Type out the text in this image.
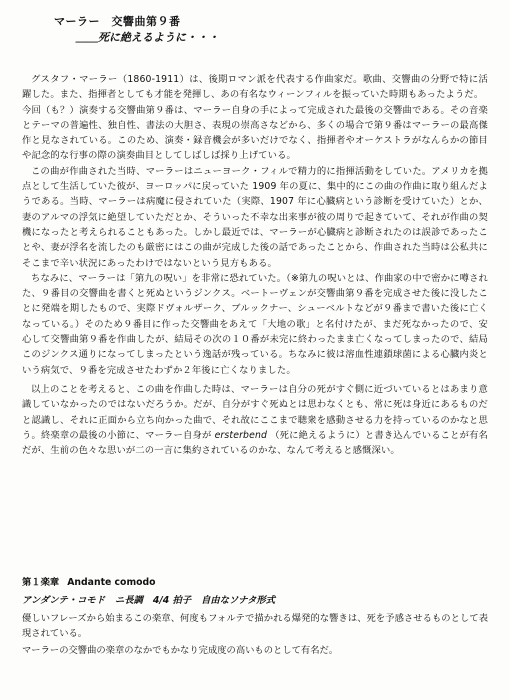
マーラー　交響曲第９番
＿＿死に絶えるように・・・

グスタフ・マーラー（1860-1911）は、後期ロマン派を代表する作曲家だ。歌曲、交響曲の分野で特に活躍した。また、指揮者としても才能を発揮し、あの有名なウィーンフィルを振っていた時期もあったようだ。

今回（も？）演奏する交響曲第９番は、マーラー自身の手によって完成された最後の交響曲である。その音楽とテーマの普遍性、独自性、書法の大胆さ、表現の崇高さなどから、多くの場合で第９番はマーラーの最高傑作と見なされている。このため、演奏・録音機会が多いだけでなく、指揮者やオーケストラがなんらかの節目や記念的な行事の際の演奏曲目としてしばしば採り上げている。

この曲が作曲された当時、マーラーはニューヨーク・フィルで精力的に指揮活動をしていた。アメリカを拠点として生活していた彼が、ヨーロッパに戻っていた 1909 年の夏に、集中的にこの曲の作曲に取り組んだようである。当時、マーラーは病魔に侵されていた（実際、1907 年に心臓病という診断を受けていた）とか、妻のアルマの浮気に絶望していただとか、そういった不幸な出来事が彼の周りで起きていて、それが作曲の契機になったと考えられることもあった。しかし最近では、マーラーが心臓病と診断されたのは誤診であったことや、妻が浮名を流したのも厳密にはこの曲が完成した後の話であったことから、作曲された当時は公私共にそこまで辛い状況にあったわけではないという見方もある。

ちなみに、マーラーは「第九の呪い」を非常に恐れていた。（※第九の呪いとは、作曲家の中で密かに噂された、９番目の交響曲を書くと死ぬというジンクス。ベートーヴェンが交響曲第９番を完成させた後に没したことに発端を期したもので、実際ドヴォルザーク、ブルックナー、シューベルトなどが９番まで書いた後に亡くなっている。）そのため９番目に作った交響曲をあえて「大地の歌」と名付けたが、まだ死なかったので、安心して交響曲第９番を作曲したが、結局その次の１０番が未完に終わったまま亡くなってしまったので、結局このジンクス通りになってしまったという逸話が残っている。ちなみに彼は溶血性連鎖球菌による心臓内炎という病気で、９番を完成させたわずか２年後に亡くなりました。

以上のことを考えると、この曲を作曲した時は、マーラーは自分の死がすぐ側に近づいているとはあまり意識していなかったのではないだろうか。だが、自分がすぐ死ぬとは思わなくとも、常に死は身近にあるものだと認識し、それに正面から立ち向かった曲で、それ故にここまで聴衆を感動させる力を持っているのかなと思う。終楽章の最後の小節に、マーラー自身が ersterbend （死に絶えるように）と書き込んでいることが有名だが、生前の色々な思いが二の一言に集約されているのかな、なんて考えると感慨深い。

第１楽章 Andante comodo

アンダンテ・コモド ニ長調 4/4 拍子 自由なソナタ形式

優しいフレーズから始まるこの楽章、何度もフォルテで描かれる爆発的な響きは、死を予感させるものとして表現されている。

マーラーの交響曲の楽章のなかでもかなり完成度の高いものとして有名だ。
